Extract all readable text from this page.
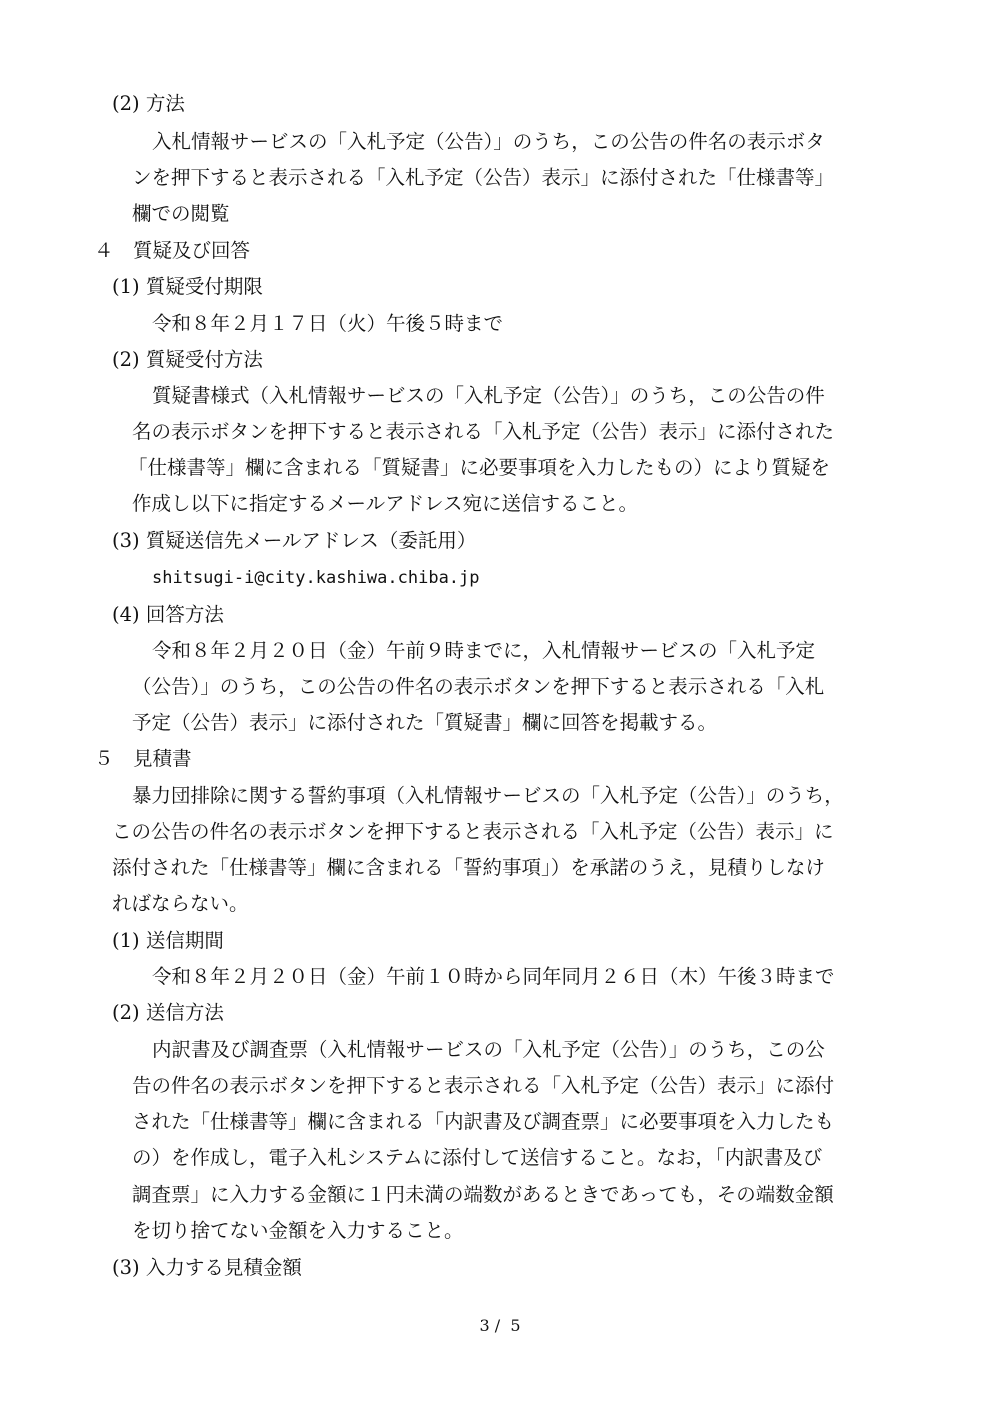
(2) 方法
入札情報サービスの「入札予定（公告）」のうち，この公告の件名の表示ボタ
ンを押下すると表示される「入札予定（公告）表示」に添付された「仕様書等」
欄での閲覧
４　質疑及び回答
(1) 質疑受付期限
令和８年２月１７日（火）午後５時まで
(2) 質疑受付方法
質疑書様式（入札情報サービスの「入札予定（公告）」のうち，この公告の件
名の表示ボタンを押下すると表示される「入札予定（公告）表示」に添付された
「仕様書等」欄に含まれる「質疑書」に必要事項を入力したもの）により質疑を
作成し以下に指定するメールアドレス宛に送信すること。
(3) 質疑送信先メールアドレス（委託用）
shitsugi-i@city.kashiwa.chiba.jp
(4) 回答方法
令和８年２月２０日（金）午前９時までに，入札情報サービスの「入札予定
（公告）」のうち，この公告の件名の表示ボタンを押下すると表示される「入札
予定（公告）表示」に添付された「質疑書」欄に回答を掲載する。
５　見積書
暴力団排除に関する誓約事項（入札情報サービスの「入札予定（公告）」のうち，
この公告の件名の表示ボタンを押下すると表示される「入札予定（公告）表示」に
添付された「仕様書等」欄に含まれる「誓約事項」）を承諾のうえ，見積りしなけ
ればならない。
(1) 送信期間
令和８年２月２０日（金）午前１０時から同年同月２６日（木）午後３時まで
(2) 送信方法
内訳書及び調査票（入札情報サービスの「入札予定（公告）」のうち，この公
告の件名の表示ボタンを押下すると表示される「入札予定（公告）表示」に添付
された「仕様書等」欄に含まれる「内訳書及び調査票」に必要事項を入力したも
の）を作成し，電子入札システムに添付して送信すること。なお，「内訳書及び
調査票」に入力する金額に１円未満の端数があるときであっても，その端数金額
を切り捨てない金額を入力すること。
(3) 入力する見積金額
3 /  5
